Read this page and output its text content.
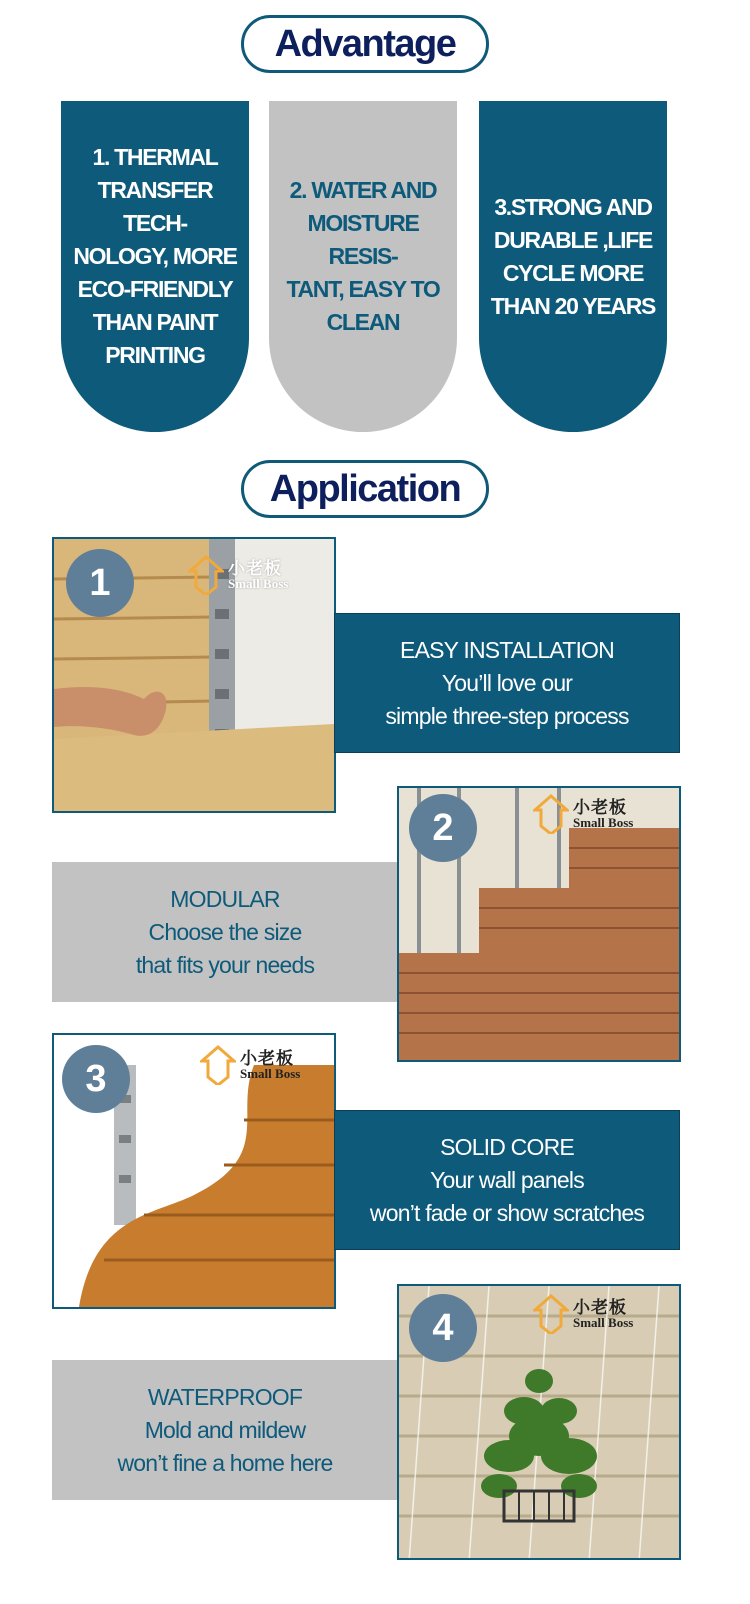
Advantage
1. THERMAL
TRANSFER TECH-
NOLOGY, MORE
ECO-FRIENDLY
THAN PAINT
PRINTING
2. WATER AND
MOISTURE RESIS-
TANT, EASY TO
CLEAN
3.STRONG AND
DURABLE ,LIFE
CYCLE MORE
THAN 20 YEARS
Application
1	小老板
Small Boss
EASY INSTALLATION
You’ll love our
simple three-step process
MODULAR
Choose the size
that fits your needs
2	小老板
Small Boss
3	小老板
Small Boss
SOLID CORE
Your wall panels
won’t fade or show scratches
WATERPROOF
Mold and mildew
won’t fine a home here
4	小老板
Small Boss
